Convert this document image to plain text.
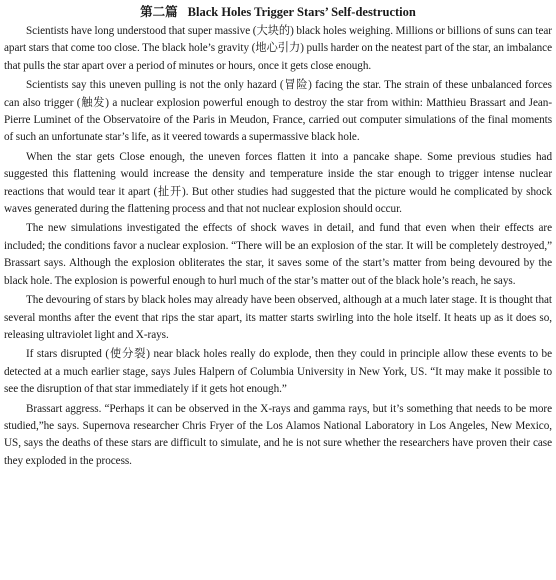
第二篇 Black Holes Trigger Stars’ Self-destruction

Scientists have long understood that super massive (大块的) black holes weighing. Millions or billions of suns can tear apart stars that come too close. The black hole’s gravity (地心引力) pulls harder on the neatest part of the star, an imbalance that pulls the star apart over a period of minutes or hours, once it gets close enough.

Scientists say this uneven pulling is not the only hazard (冒险) facing the star. The strain of these unbalanced forces can also trigger (触发) a nuclear explosion powerful enough to destroy the star from within: Matthieu Brassart and Jean-Pierre Luminet of the Observatoire of the Paris in Meudon, France, carried out computer simulations of the final moments of such an unfortunate star’s life, as it veered towards a supermassive black hole.

When the star gets Close enough, the uneven forces flatten it into a pancake shape. Some previous studies had suggested this flattening would increase the density and temperature inside the star enough to trigger intense nuclear reactions that would tear it apart (扯开). But other studies had suggested that the picture would he complicated by shock waves generated during the flattening process and that not nuclear explosion should occur.

The new simulations investigated the effects of shock waves in detail, and fund that even when their effects are included; the conditions favor a nuclear explosion. “There will be an explosion of the star. It will be completely destroyed,” Brassart says. Although the explosion obliterates the star, it saves some of the start’s matter from being devoured by the black hole. The explosion is powerful enough to hurl much of the star’s matter out of the black hole’s reach, he says.

The devouring of stars by black holes may already have been observed, although at a much later stage. It is thought that several months after the event that rips the star apart, its matter starts swirling into the hole itself. It heats up as it does so, releasing ultraviolet light and X-rays.

If stars disrupted (使分裂) near black holes really do explode, then they could in principle allow these events to be detected at a much earlier stage, says Jules Halpern of Columbia University in New York, US. “It may make it possible to see the disruption of that star immediately if it gets hot enough.”

Brassart aggress. “Perhaps it can be observed in the X-rays and gamma rays, but it’s something that needs to be more studied,”he says. Supernova researcher Chris Fryer of the Los Alamos National Laboratory in Los Angeles, New Mexico, US, says the deaths of these stars are difficult to simulate, and he is not sure whether the researchers have proven their case they exploded in the process.
